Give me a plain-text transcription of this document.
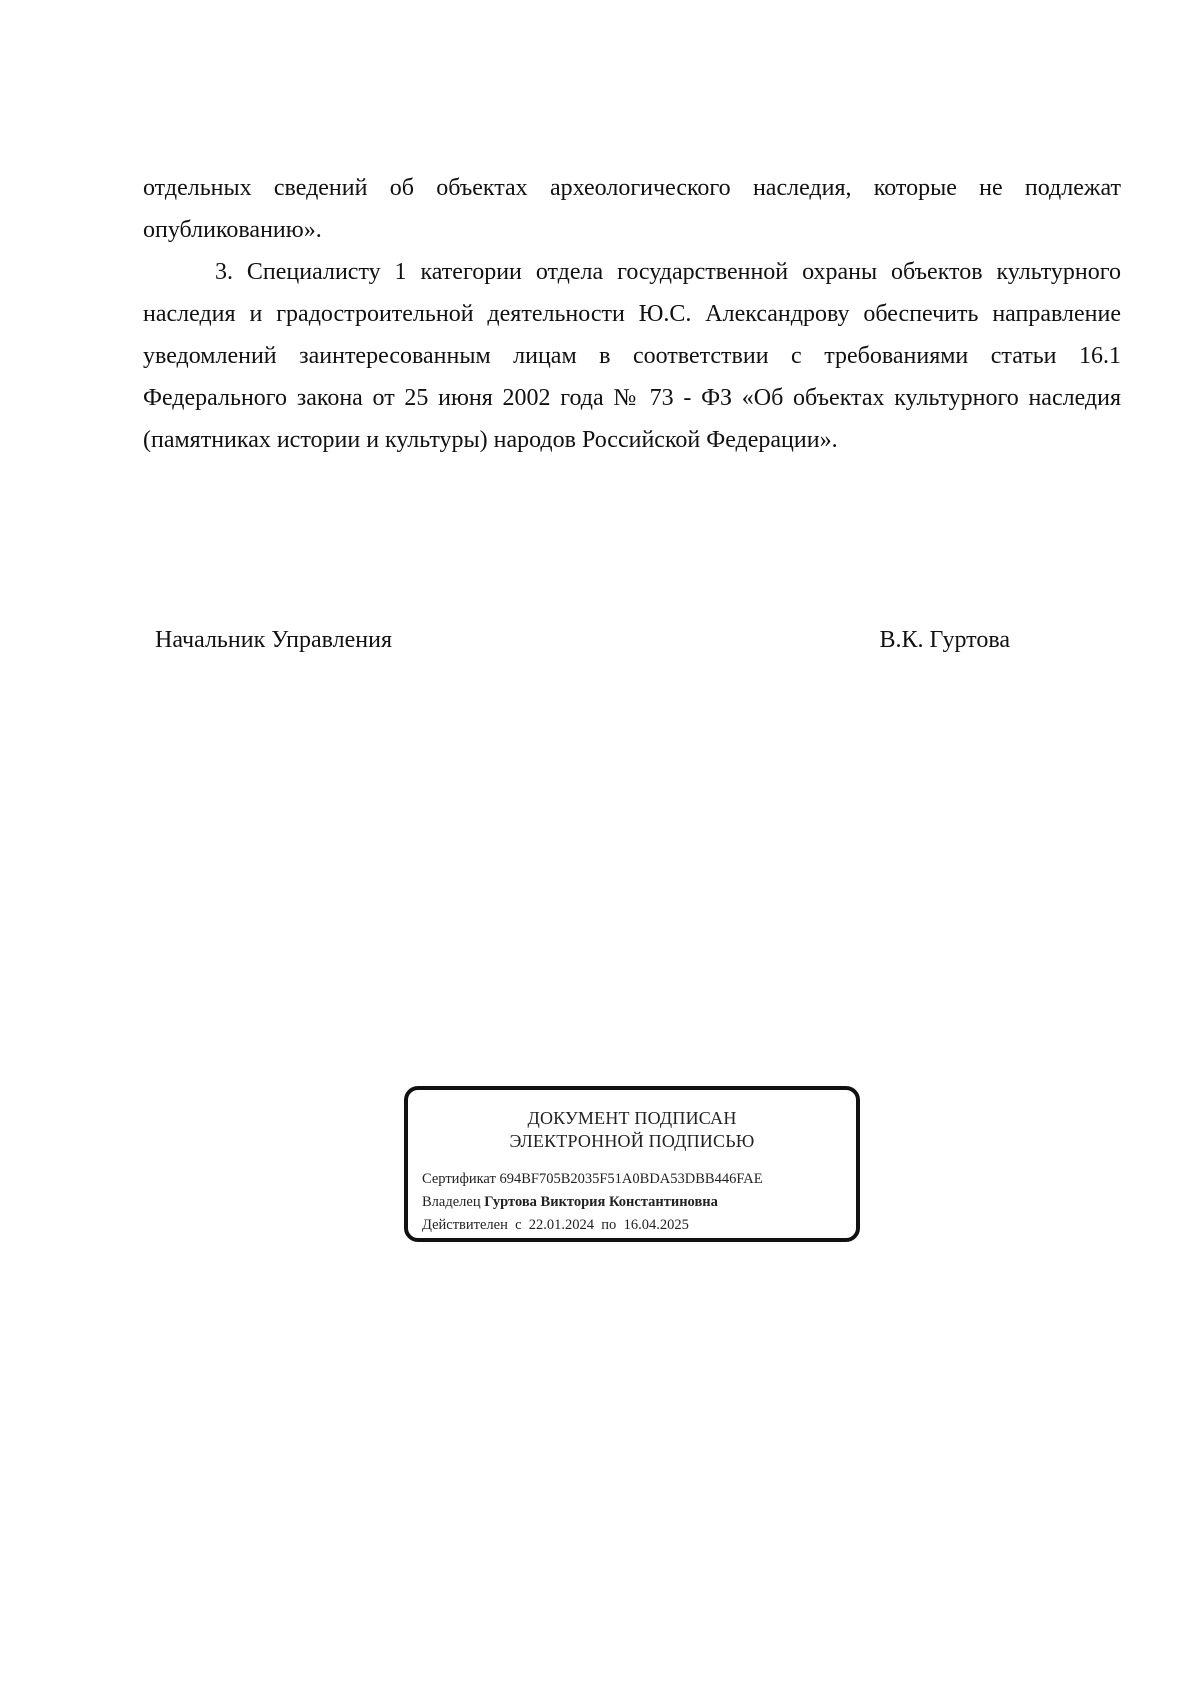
отдельных сведений об объектах археологического наследия, которые не подлежат опубликованию».

3. Специалисту 1 категории отдела государственной охраны объектов культурного наследия и градостроительной деятельности Ю.С. Александрову обеспечить направление уведомлений заинтересованным лицам в соответствии с требованиями статьи 16.1 Федерального закона от 25 июня 2002 года № 73 - ФЗ «Об объектах культурного наследия (памятниках истории и культуры) народов Российской Федерации».

Начальник Управления	В.К. Гуртова
ДОКУМЕНТ ПОДПИСАН
ЭЛЕКТРОННОЙ ПОДПИСЬЮ
Сертификат 694BF705B2035F51A0BDA53DBB446FAE
Владелец Гуртова Виктория Константиновна
Действителен с 22.01.2024 по 16.04.2025
